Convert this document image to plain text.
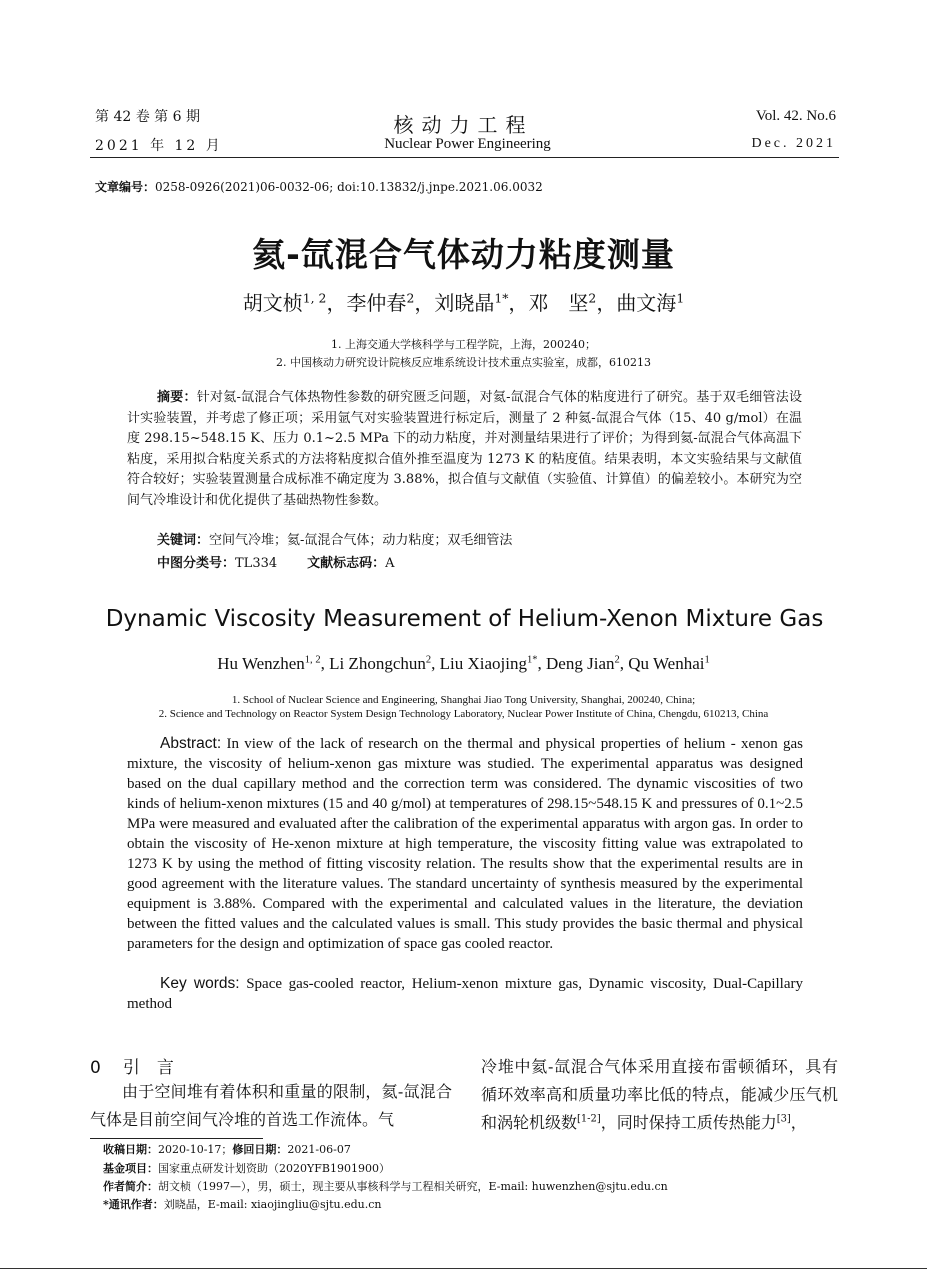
第 42 卷 第 6 期
2021 年 12 月
核动力工程
Nuclear Power Engineering
Vol. 42. No.6
Dec. 2021
文章编号：0258-0926(2021)06-0032-06; doi:10.13832/j.jnpe.2021.06.0032
氦-氙混合气体动力粘度测量
胡文桢$^{1, 2}$，李仲春$^2$，刘晓晶$^{1*}$，邓　坚$^2$，曲文海$^1$
1. 上海交通大学核科学与工程学院，上海，200240；
2. 中国核动力研究设计院核反应堆系统设计技术重点实验室，成都，610213
摘要：针对氦-氙混合气体热物性参数的研究匮乏问题，对氦-氙混合气体的粘度进行了研究。基于双毛细管法设计实验装置，并考虑了修正项；采用氩气对实验装置进行标定后，测量了 2 种氦-氙混合气体（15、40 g/mol）在温度 298.15~548.15 K、压力 0.1~2.5 MPa 下的动力粘度，并对测量结果进行了评价；为得到氦-氙混合气体高温下粘度，采用拟合粘度关系式的方法将粘度拟合值外推至温度为 1273 K 的粘度值。结果表明，本文实验结果与文献值符合较好；实验装置测量合成标准不确定度为 3.88%，拟合值与文献值（实验值、计算值）的偏差较小。本研究为空间气冷堆设计和优化提供了基础热物性参数。
关键词：空间气冷堆；氦-氙混合气体；动力粘度；双毛细管法
中图分类号：TL334 文献标志码：A
Dynamic Viscosity Measurement of Helium-Xenon Mixture Gas
Hu Wenzhen$^{1, 2}$, Li Zhongchun$^2$, Liu Xiaojing$^{1*}$, Deng Jian$^2$, Qu Wenhai$^1$
1. School of Nuclear Science and Engineering, Shanghai Jiao Tong University, Shanghai, 200240, China;
2. Science and Technology on Reactor System Design Technology Laboratory, Nuclear Power Institute of China, Chengdu, 610213, China
Abstract: In view of the lack of research on the thermal and physical properties of helium - xenon gas mixture, the viscosity of helium-xenon gas mixture was studied. The experimental apparatus was designed based on the dual capillary method and the correction term was considered. The dynamic viscosities of two kinds of helium-xenon mixtures (15 and 40 g/mol) at temperatures of 298.15~548.15 K and pressures of 0.1~2.5 MPa were measured and evaluated after the calibration of the experimental apparatus with argon gas. In order to obtain the viscosity of He-xenon mixture at high temperature, the viscosity fitting value was extrapolated to 1273 K by using the method of fitting viscosity relation. The results show that the experimental results are in good agreement with the literature values. The standard uncertainty of synthesis measured by the experimental equipment is 3.88%. Compared with the experimental and calculated values in the literature, the deviation between the fitted values and the calculated values is small. This study provides the basic thermal and physical parameters for the design and optimization of space gas cooled reactor.
Key words: Space gas-cooled reactor, Helium-xenon mixture gas, Dynamic viscosity, Dual-Capillary method
0 引　言
由于空间堆有着体积和重量的限制，氦-氙混合气体是目前空间气冷堆的首选工作流体。气
冷堆中氦-氙混合气体采用直接布雷顿循环，具有循环效率高和质量功率比低的特点，能减少压气机和涡轮机级数[1-2]，同时保持工质传热能力[3]，
收稿日期：2020-10-17；修回日期：2021-06-07
基金项目：国家重点研发计划资助（2020YFB1901900）
作者简介：胡文桢（1997—），男，硕士，现主要从事核科学与工程相关研究，E-mail: huwenzhen@sjtu.edu.cn
*通讯作者：刘晓晶，E-mail: xiaojingliu@sjtu.edu.cn
